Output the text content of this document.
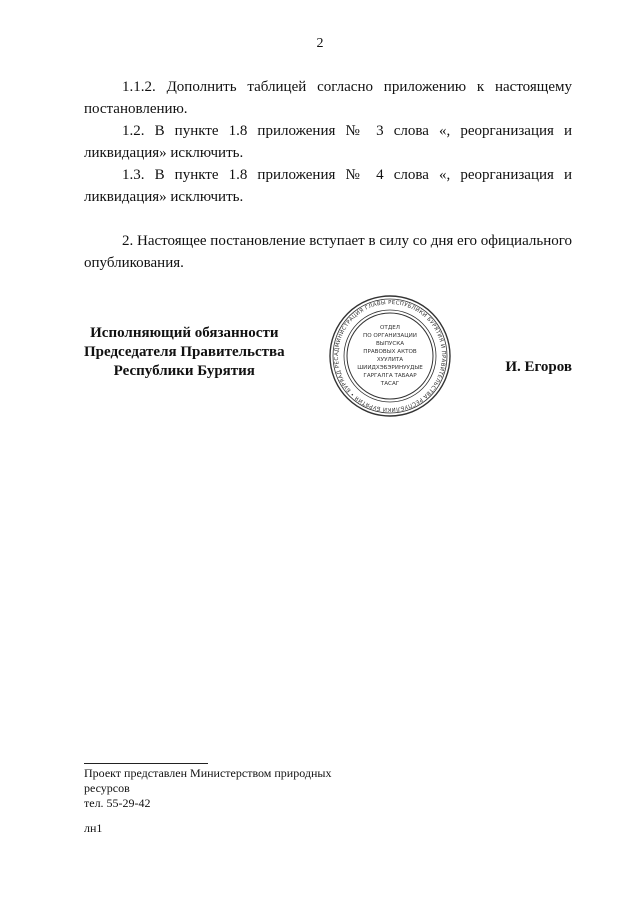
2

1.1.2. Дополнить таблицей согласно приложению к настоящему постановлению.

1.2. В пункте 1.8 приложения № 3 слова «, реорганизация и ликвидация» исключить.

1.3. В пункте 1.8 приложения № 4 слова «, реорганизация и ликвидация» исключить.

2. Настоящее постановление вступает в силу со дня его официального опубликования.

Исполняющий обязанности
Председателя Правительства
Республики Бурятия
АДМИНИСТРАЦИЯ ГЛАВЫ РЕСПУБЛИКИ БУРЯТИЯ И ПРАВИТЕЛЬСТВА РЕСПУБЛИКИ БУРЯТИЯ • БУРЯАД РЕС
ОТДЕЛ
ПО ОРГАНИЗАЦИИ
ВЫПУСКА
ПРАВОВЫХ АКТОВ
ХУУЛИТА
ШИИДХЭБЭРИНУУДЫЕ
ГАРГАЛГА ТАБААР
ТАСАГ
И. Егоров
Проект представлен Министерством природных
ресурсов
тел. 55-29-42
лн1
